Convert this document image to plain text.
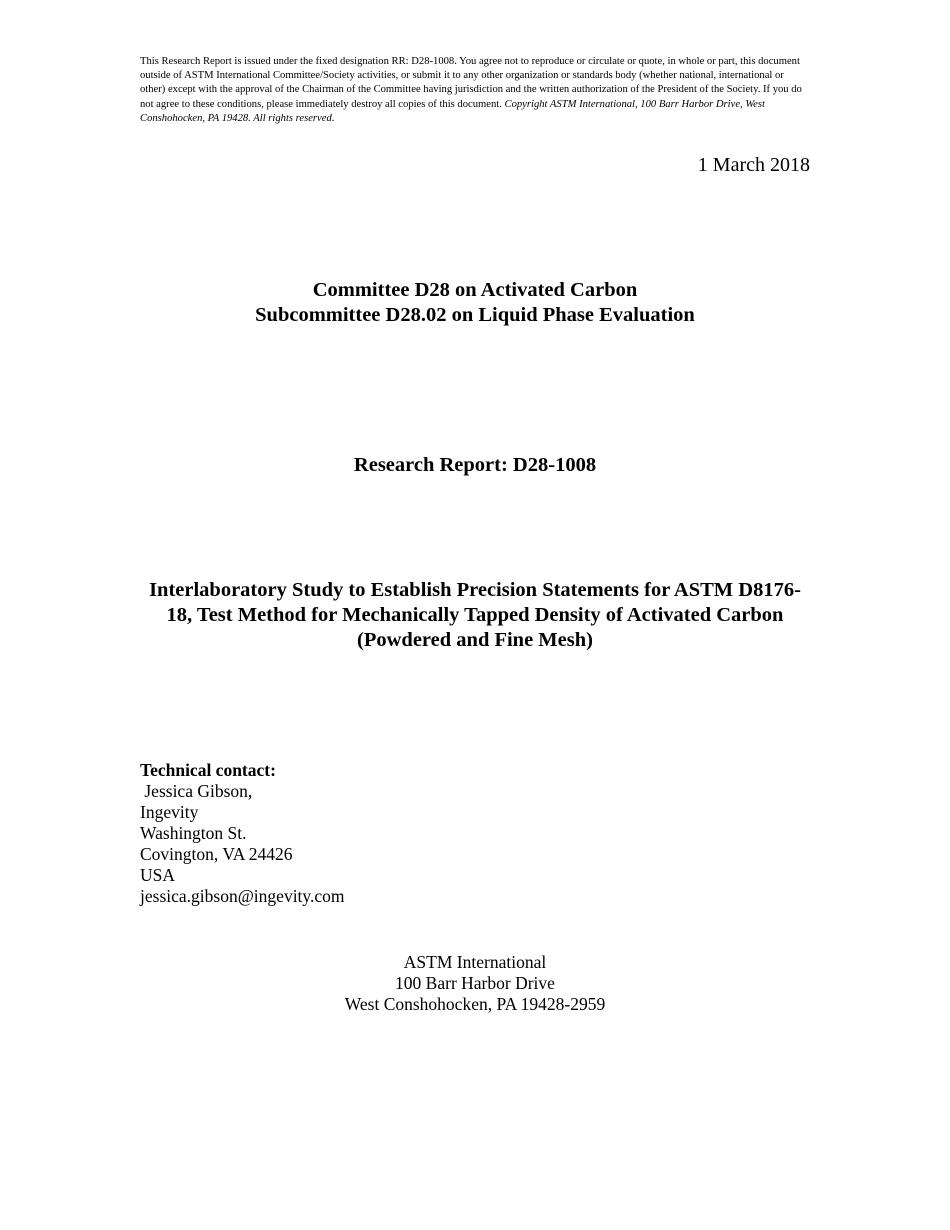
This Research Report is issued under the fixed designation RR: D28-1008. You agree not to reproduce or circulate or quote, in whole or part, this document outside of ASTM International Committee/Society activities, or submit it to any other organization or standards body (whether national, international or other) except with the approval of the Chairman of the Committee having jurisdiction and the written authorization of the President of the Society. If you do not agree to these conditions, please immediately destroy all copies of this document. Copyright ASTM International, 100 Barr Harbor Drive, West Conshohocken, PA 19428. All rights reserved.
1 March 2018
Committee D28 on Activated Carbon
Subcommittee D28.02 on Liquid Phase Evaluation
Research Report: D28-1008
Interlaboratory Study to Establish Precision Statements for ASTM D8176-18, Test Method for Mechanically Tapped Density of Activated Carbon (Powdered and Fine Mesh)
Technical contact:
Jessica Gibson,
Ingevity
Washington St.
Covington, VA 24426
USA
jessica.gibson@ingevity.com
ASTM International
100 Barr Harbor Drive
West Conshohocken, PA 19428-2959
